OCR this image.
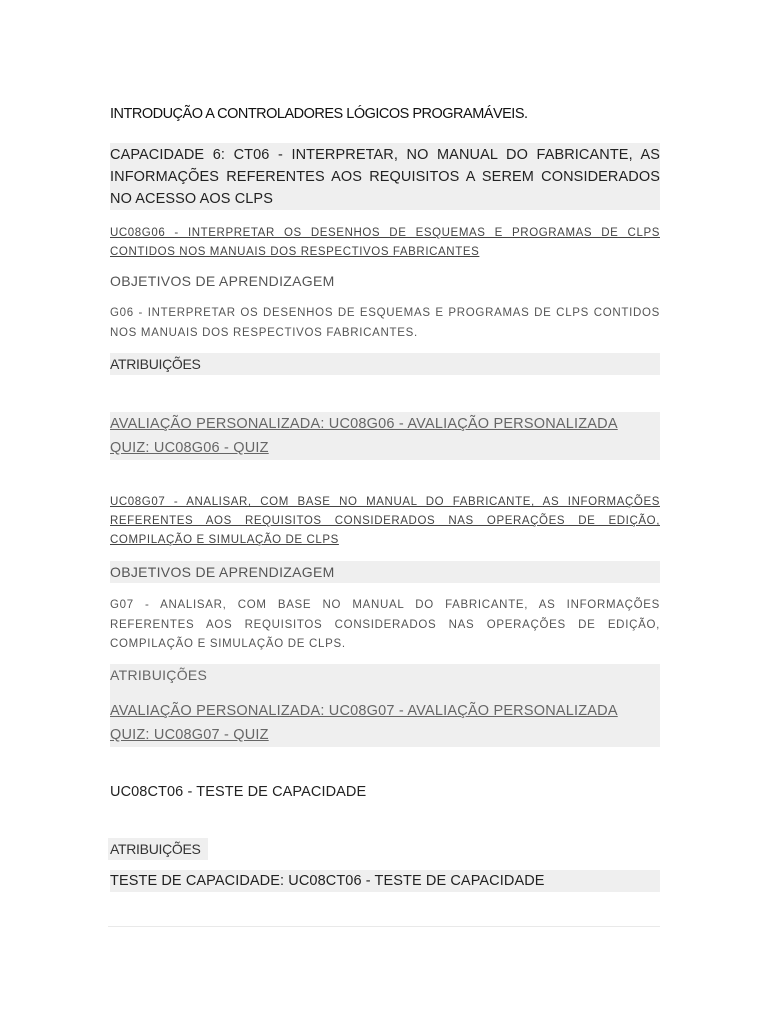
INTRODUÇÃO A CONTROLADORES LÓGICOS PROGRAMÁVEIS.
CAPACIDADE 6: CT06 - INTERPRETAR, NO MANUAL DO FABRICANTE, AS INFORMAÇÕES REFERENTES AOS REQUISITOS A SEREM CONSIDERADOS NO ACESSO AOS CLPS
UC08G06 - INTERPRETAR OS DESENHOS DE ESQUEMAS E PROGRAMAS DE CLPS CONTIDOS NOS MANUAIS DOS RESPECTIVOS FABRICANTES
OBJETIVOS DE APRENDIZAGEM
G06 - INTERPRETAR OS DESENHOS DE ESQUEMAS E PROGRAMAS DE CLPS CONTIDOS NOS MANUAIS DOS RESPECTIVOS FABRICANTES.
ATRIBUIÇÕES
AVALIAÇÃO PERSONALIZADA: UC08G06 - AVALIAÇÃO PERSONALIZADA
QUIZ: UC08G06 - QUIZ
UC08G07 - ANALISAR, COM BASE NO MANUAL DO FABRICANTE, AS INFORMAÇÕES REFERENTES AOS REQUISITOS CONSIDERADOS NAS OPERAÇÕES DE EDIÇÃO, COMPILAÇÃO E SIMULAÇÃO DE CLPS
OBJETIVOS DE APRENDIZAGEM
G07 - ANALISAR, COM BASE NO MANUAL DO FABRICANTE, AS INFORMAÇÕES REFERENTES AOS REQUISITOS CONSIDERADOS NAS OPERAÇÕES DE EDIÇÃO, COMPILAÇÃO E SIMULAÇÃO DE CLPS.
ATRIBUIÇÕES
AVALIAÇÃO PERSONALIZADA: UC08G07 - AVALIAÇÃO PERSONALIZADA
QUIZ: UC08G07 - QUIZ
UC08CT06 - TESTE DE CAPACIDADE
ATRIBUIÇÕES
TESTE DE CAPACIDADE: UC08CT06 - TESTE DE CAPACIDADE
